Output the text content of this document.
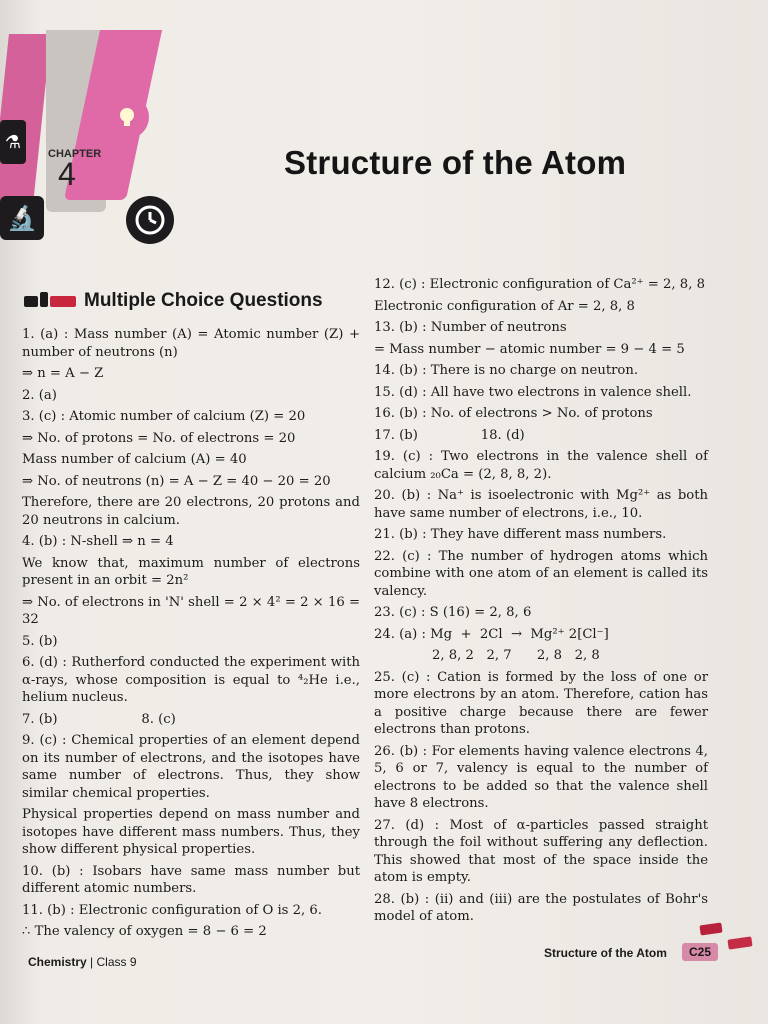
⚗
🔬
CHAPTER
4	Structure of the Atom
Multiple Choice Questions

1. (a) : Mass number (A) = Atomic number (Z) + number of neutrons (n)

⇒ n = A − Z

2. (a)

3. (c) : Atomic number of calcium (Z) = 20

⇒ No. of protons = No. of electrons = 20

Mass number of calcium (A) = 40

⇒ No. of neutrons (n) = A − Z = 40 − 20 = 20

Therefore, there are 20 electrons, 20 protons and 20 neutrons in calcium.

4. (b) : N-shell ⇒ n = 4

We know that, maximum number of electrons present in an orbit = 2n²

⇒ No. of electrons in 'N' shell = 2 × 4² = 2 × 16 = 32

5. (b)

6. (d) : Rutherford conducted the experiment with α-rays, whose composition is equal to ⁴₂He i.e., helium nucleus.

7. (b)                    8. (c)

9. (c) : Chemical properties of an element depend on its number of electrons, and the isotopes have same number of electrons. Thus, they show similar chemical properties.

Physical properties depend on mass number and isotopes have different mass numbers. Thus, they show different physical properties.

10. (b) : Isobars have same mass number but different atomic numbers.

11. (b) : Electronic configuration of O is 2, 6.

∴ The valency of oxygen = 8 − 6 = 2

12. (c) : Electronic configuration of Ca²⁺ = 2, 8, 8

Electronic configuration of Ar = 2, 8, 8

13. (b) : Number of neutrons

= Mass number − atomic number = 9 − 4 = 5

14. (b) : There is no charge on neutron.

15. (d) : All have two electrons in valence shell.

16. (b) : No. of electrons > No. of protons

17. (b)               18. (d)

19. (c) : Two electrons in the valence shell of calcium ₂₀Ca = (2, 8, 8, 2).

20. (b) : Na⁺ is isoelectronic with Mg²⁺ as both have same number of electrons, i.e., 10.

21. (b) : They have different mass numbers.

22. (c) : The number of hydrogen atoms which combine with one atom of an element is called its valency.

23. (c) : S (16) = 2, 8, 6

24. (a) : Mg  +  2Cl  →  Mg²⁺ 2[Cl⁻]

2, 8, 2   2, 7      2, 8   2, 8

25. (c) : Cation is formed by the loss of one or more electrons by an atom. Therefore, cation has a positive charge because there are fewer electrons than protons.

26. (b) : For elements having valence electrons 4, 5, 6 or 7, valency is equal to the number of electrons to be added so that the valence shell have 8 electrons.

27. (d) : Most of α-particles passed straight through the foil without suffering any deflection. This showed that most of the space inside the atom is empty.

28. (b) : (ii) and (iii) are the postulates of Bohr's model of atom.

Chemistry | Class 9
Structure of the Atom	C25
